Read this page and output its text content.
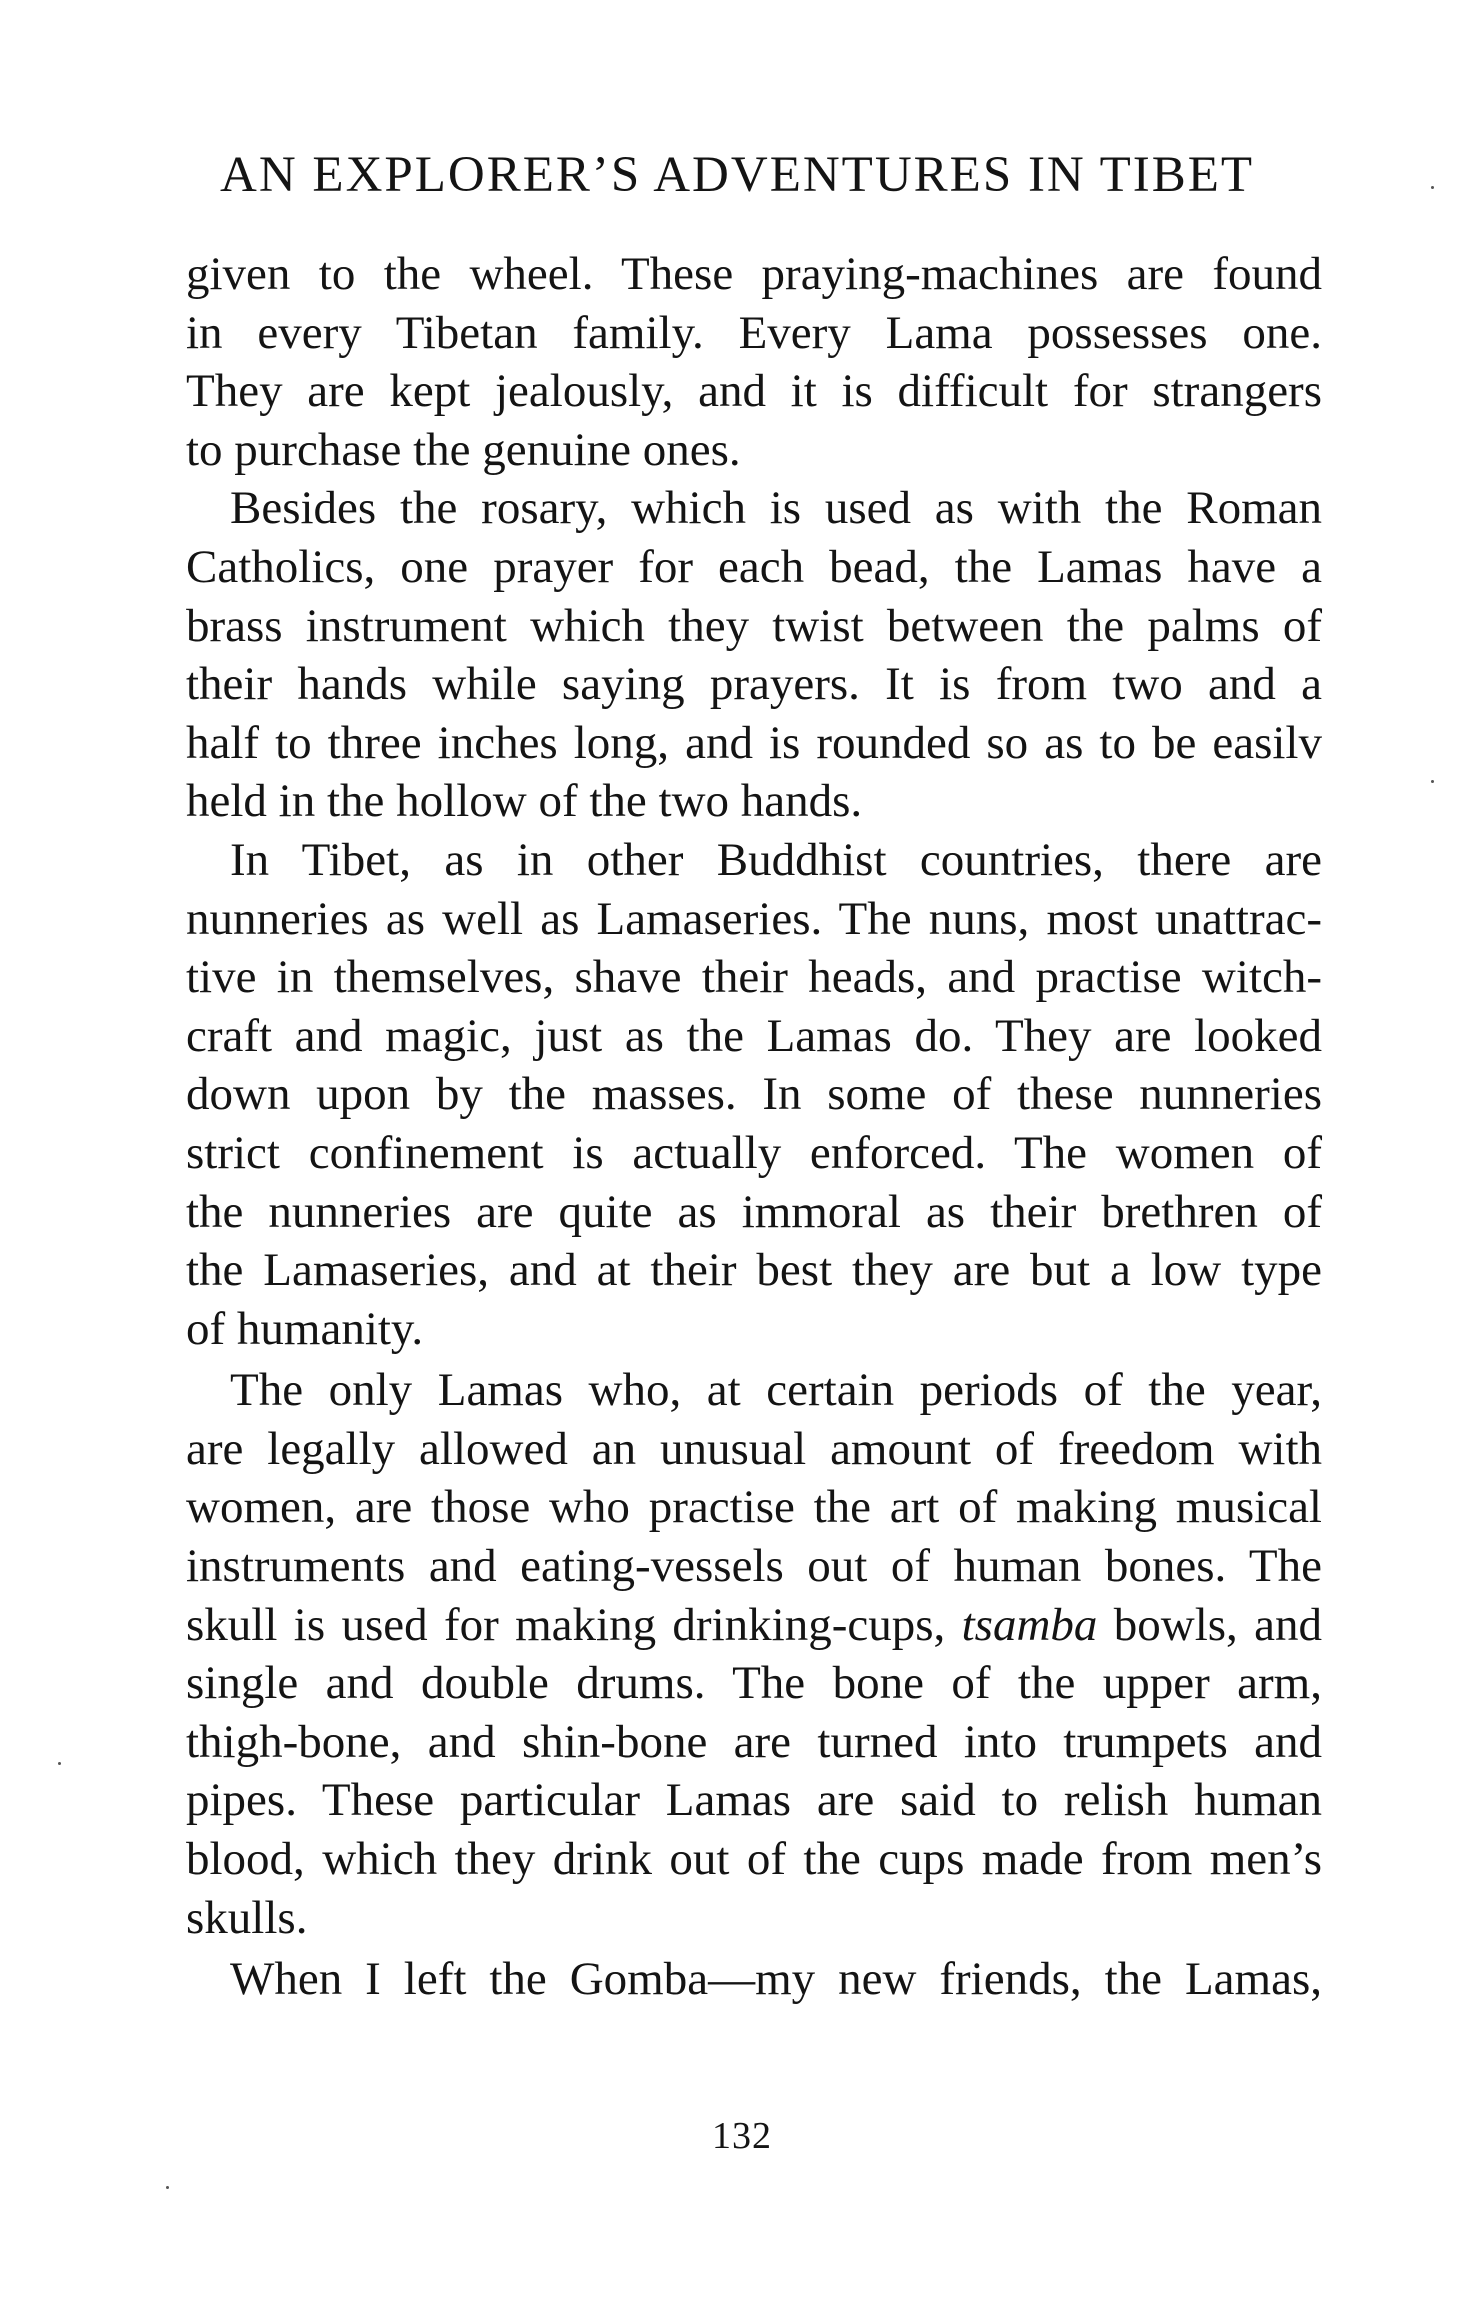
AN EXPLORER’S ADVENTURES IN TIBET
given to the wheel. These praying-machines are found
in every Tibetan family. Every Lama possesses one.
They are kept jealously, and it is difficult for strangers
to purchase the genuine ones.
Besides the rosary, which is used as with the Roman
Catholics, one prayer for each bead, the Lamas have a
brass instrument which they twist between the palms of
their hands while saying prayers. It is from two and a
half to three inches long, and is rounded so as to be easilv
held in the hollow of the two hands.
In Tibet, as in other Buddhist countries, there are
nunneries as well as Lamaseries. The nuns, most unattrac-
tive in themselves, shave their heads, and practise witch-
craft and magic, just as the Lamas do. They are looked
down upon by the masses. In some of these nunneries
strict confinement is actually enforced. The women of
the nunneries are quite as immoral as their brethren of
the Lamaseries, and at their best they are but a low type
of humanity.
The only Lamas who, at certain periods of the year,
are legally allowed an unusual amount of freedom with
women, are those who practise the art of making musical
instruments and eating-vessels out of human bones. The
skull is used for making drinking-cups, tsamba bowls, and
single and double drums. The bone of the upper arm,
thigh-bone, and shin-bone are turned into trumpets and
pipes. These particular Lamas are said to relish human
blood, which they drink out of the cups made from men’s
skulls.
When I left the Gomba—my new friends, the Lamas,
132
